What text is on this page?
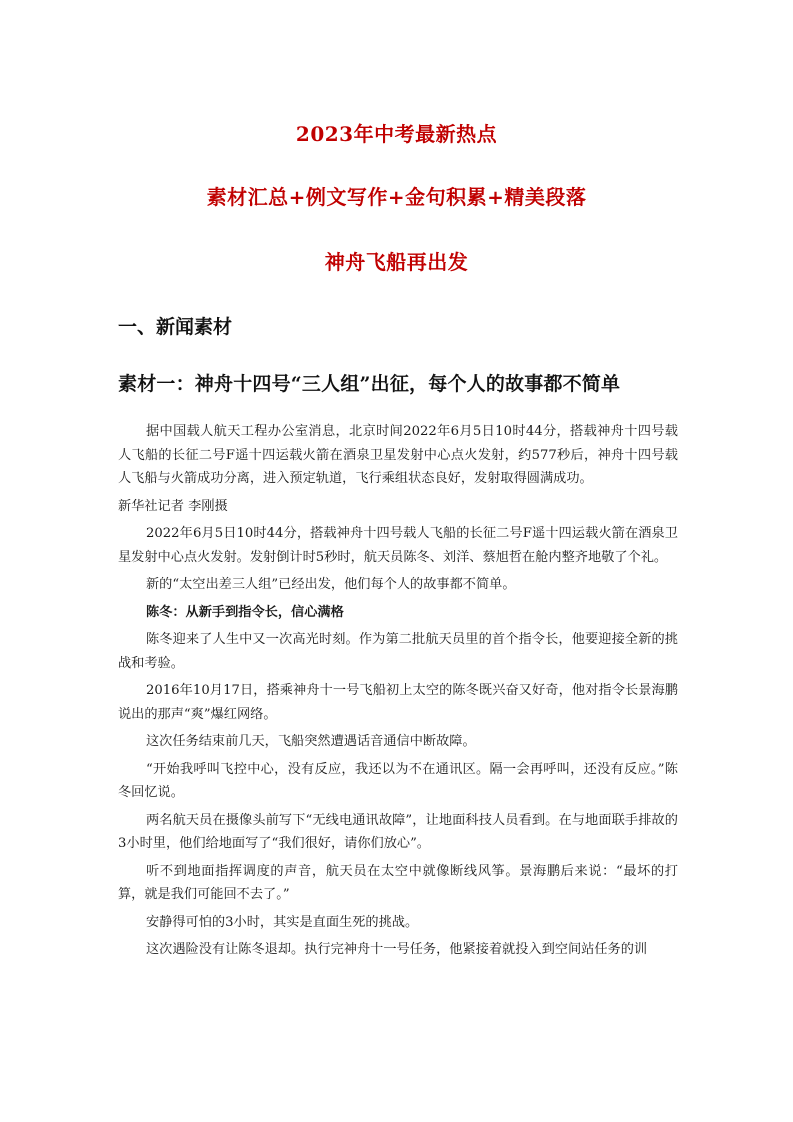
2023年中考最新热点
素材汇总+例文写作+金句积累+精美段落
神舟飞船再出发
一、新闻素材
素材一：神舟十四号“三人组”出征，每个人的故事都不简单

据中国载人航天工程办公室消息，北京时间2022年6月5日10时44分，搭载神舟十四号载人飞船的长征二号F遥十四运载火箭在酒泉卫星发射中心点火发射，约577秒后，神舟十四号载人飞船与火箭成功分离，进入预定轨道，飞行乘组状态良好，发射取得圆满成功。

新华社记者 李刚摄

2022年6月5日10时44分，搭载神舟十四号载人飞船的长征二号F遥十四运载火箭在酒泉卫星发射中心点火发射。发射倒计时5秒时，航天员陈冬、刘洋、蔡旭哲在舱内整齐地敬了个礼。

新的“太空出差三人组”已经出发，他们每个人的故事都不简单。

陈冬：从新手到指令长，信心满格

陈冬迎来了人生中又一次高光时刻。作为第二批航天员里的首个指令长，他要迎接全新的挑战和考验。

2016年10月17日，搭乘神舟十一号飞船初上太空的陈冬既兴奋又好奇，他对指令长景海鹏说出的那声“爽”爆红网络。

这次任务结束前几天，飞船突然遭遇话音通信中断故障。

“开始我呼叫飞控中心，没有反应，我还以为不在通讯区。隔一会再呼叫，还没有反应。”陈冬回忆说。

两名航天员在摄像头前写下“无线电通讯故障”，让地面科技人员看到。在与地面联手排故的3小时里，他们给地面写了“我们很好，请你们放心”。

听不到地面指挥调度的声音，航天员在太空中就像断线风筝。景海鹏后来说：“最坏的打算，就是我们可能回不去了。”

安静得可怕的3小时，其实是直面生死的挑战。

这次遇险没有让陈冬退却。执行完神舟十一号任务，他紧接着就投入到空间站任务的训
